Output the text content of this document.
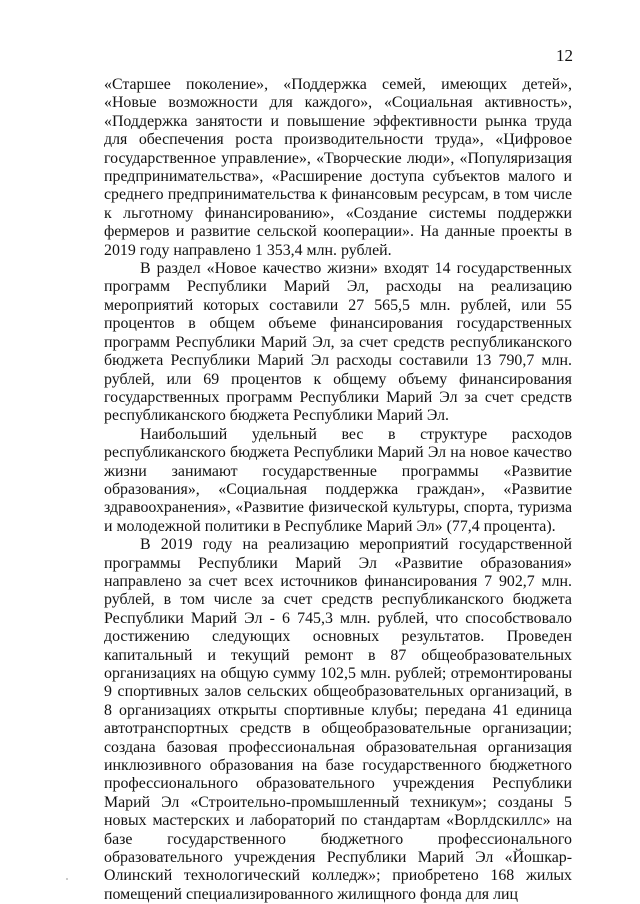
12

«Старшее поколение», «Поддержка семей, имеющих детей», «Новые возможности для каждого», «Социальная активность», «Поддержка занятости и повышение эффективности рынка труда для обеспечения роста производительности труда», «Цифровое государственное управление», «Творческие люди», «Популяризация предпринимательства», «Расширение доступа субъектов малого и среднего предпринимательства к финансовым ресурсам, в том числе к льготному финансированию», «Создание системы поддержки фермеров и развитие сельской кооперации». На данные проекты в 2019 году направлено 1 353,4 млн. рублей.

В раздел «Новое качество жизни» входят 14 государственных программ Республики Марий Эл, расходы на реализацию мероприятий которых составили 27 565,5 млн. рублей, или 55 процентов в общем объеме финансирования государственных программ Республики Марий Эл, за счет средств республиканского бюджета Республики Марий Эл расходы составили 13 790,7 млн. рублей, или 69 процентов к общему объему финансирования государственных программ Республики Марий Эл за счет средств республиканского бюджета Республики Марий Эл.

Наибольший удельный вес в структуре расходов республиканского бюджета Республики Марий Эл на новое качество жизни занимают государственные программы «Развитие образования», «Социальная поддержка граждан», «Развитие здравоохранения», «Развитие физической культуры, спорта, туризма и молодежной политики в Республике Марий Эл» (77,4 процента).

В 2019 году на реализацию мероприятий государственной программы Республики Марий Эл «Развитие образования» направлено за счет всех источников финансирования 7 902,7 млн. рублей, в том числе за счет средств республиканского бюджета Республики Марий Эл - 6 745,3 млн. рублей, что способствовало достижению следующих основных результатов. Проведен капитальный и текущий ремонт в 87 общеобразовательных организациях на общую сумму 102,5 млн. рублей; отремонтированы 9 спортивных залов сельских общеобразовательных организаций, в 8 организациях открыты спортивные клубы; передана 41 единица автотранспортных средств в общеобразовательные организации; создана базовая профессиональная образовательная организация инклюзивного образования на базе государственного бюджетного профессионального образовательного учреждения Республики Марий Эл «Строительно-промышленный техникум»; созданы 5 новых мастерских и лабораторий по стандартам «Ворлдскиллс» на базе государственного бюджетного профессионального образовательного учреждения Республики Марий Эл «Йошкар-Олинский технологический колледж»; приобретено 168 жилых помещений специализированного жилищного фонда для лиц
